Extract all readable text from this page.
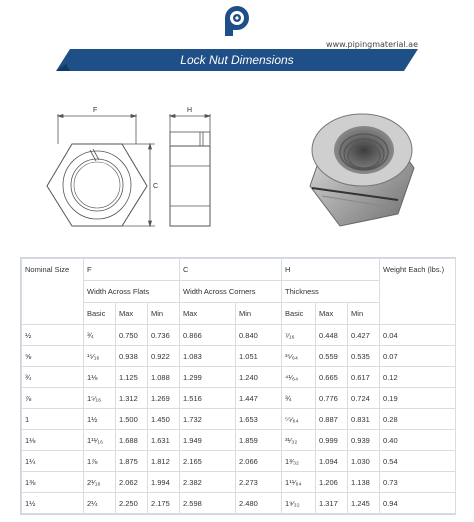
www.pipingmaterial.ae
Lock Nut Dimensions
F
C
H
Nominal Size	F			C		H			Weight Each (lbs.)
	Width Across Flats			Width Across Corners		Thickness			
	Basic	Max	Min	Max	Min	Basic	Max	Min	
½	¾	0.750	0.736	0.866	0.840	⁷⁄₁₆	0.448	0.427	0.04
⅝	¹⁵⁄₁₆	0.938	0.922	1.083	1.051	³⁵⁄₆₄	0.559	0.535	0.07
¾	1⅛	1.125	1.088	1.299	1.240	⁴¹⁄₆₄	0.665	0.617	0.12
⅞	1⁵⁄₁₆	1.312	1.269	1.516	1.447	¾	0.776	0.724	0.19
1	1½	1.500	1.450	1.732	1.653	⁵⁵⁄₆₄	0.887	0.831	0.28
1⅛	1¹¹⁄₁₆	1.688	1.631	1.949	1.859	³¹⁄₃₂	0.999	0.939	0.40
1¼	1⅞	1.875	1.812	2.165	2.066	1³⁄₃₂	1.094	1.030	0.54
1⅜	2¹⁄₁₆	2.062	1.994	2.382	2.273	1¹¹⁄₆₄	1.206	1.138	0.73
1½	2¼	2.250	2.175	2.598	2.480	1⁹⁄₃₂	1.317	1.245	0.94
